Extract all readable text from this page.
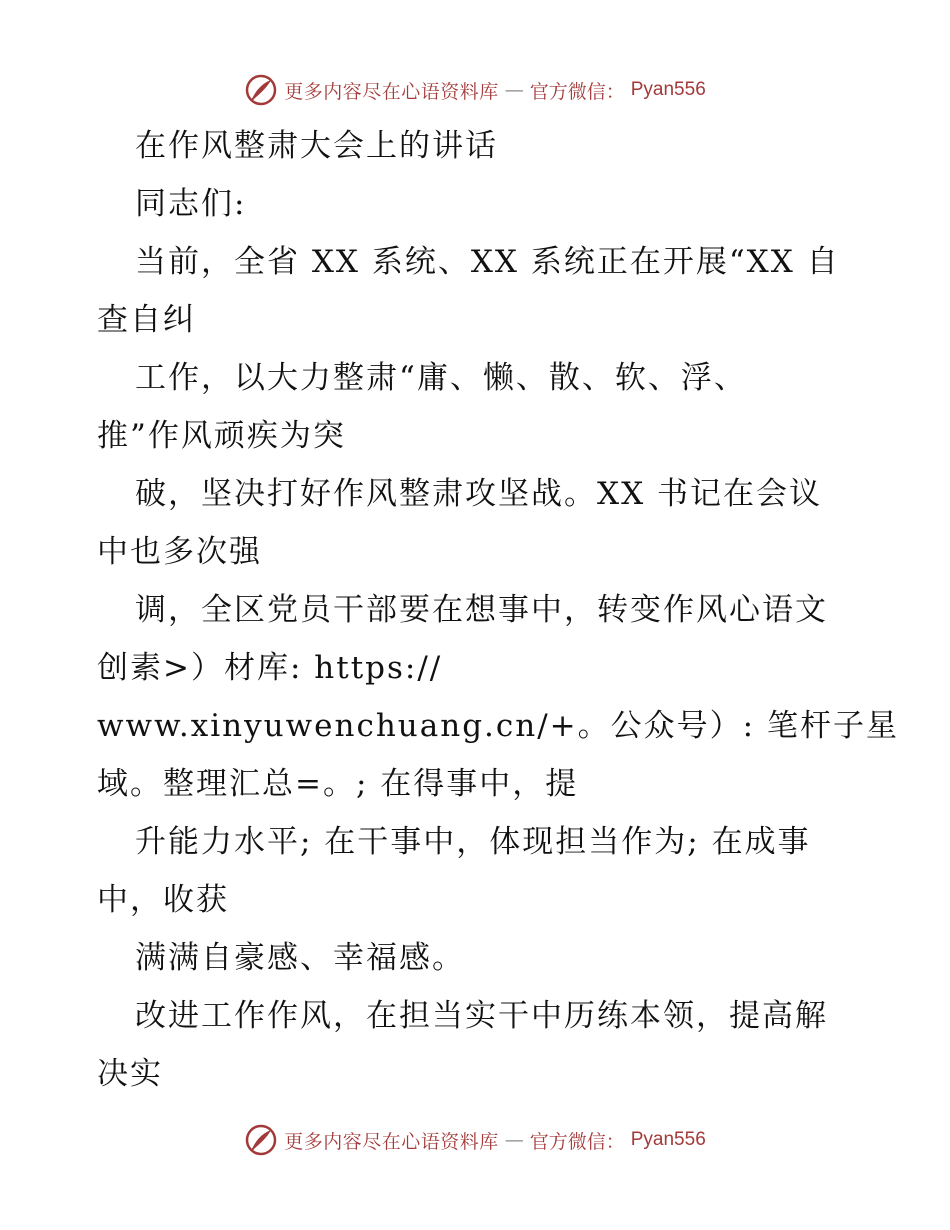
更多内容尽在心语资料库 — 官方微信： Pyan556

在作风整肃大会上的讲话

同志们:

当前，全省 XX 系统、XX 系统正在开展“XX 自

查自纠

工作，以大力整肃“庸、懒、散、软、浮、

推”作风顽疾为突

破，坚决打好作风整肃攻坚战。XX 书记在会议

中也多次强

调，全区党员干部要在想事中，转变作风心语文

创素>）材库: https://

www.xinyuwenchuang.cn/+。公众号）: 笔杆子星

域。整理汇总=。; 在得事中，提

升能力水平; 在干事中，体现担当作为; 在成事

中，收获

满满自豪感、幸福感。

改进工作作风，在担当实干中历练本领，提高解

决实

更多内容尽在心语资料库 — 官方微信： Pyan556
